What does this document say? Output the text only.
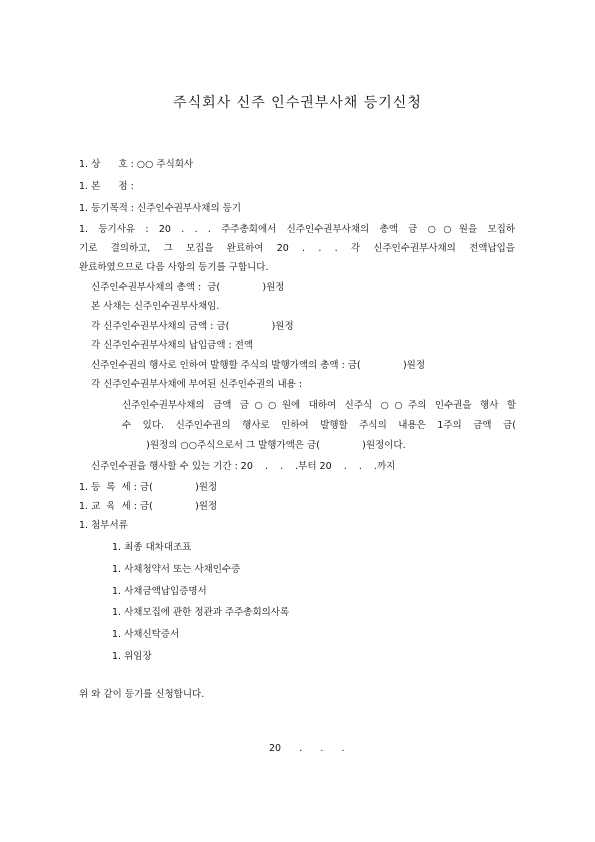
주식회사 신주 인수권부사채 등기신청
1. 상      호 : ○○ 주식회사
1. 본      점 :
1. 등기목적 : 신주인수권부사채의 등기
1. 등기사유 : 20 . . . 주주총회에서 신주인수권부사채의 총액 금 ○○원을 모집하
기로 결의하고, 그 모집을 완료하여 20 . . . 각 신주인수권부사채의 전액납입을
완료하였으므로 다음 사항의 등기를 구합니다.
신주인수권부사채의 총액 :  금(              )원정
본 사채는 신주인수권부사채임.
각 신주인수권부사채의 금액 : 금(              )원정
각 신주인수권부사채의 납입금액 : 전액
신주인수권의 행사로 인하여 발행할 주식의 발행가액의 총액 : 금(              )원정
각 신주인수권부사채에 부여된 신주인수권의 내용 :
신주인수권부사채의 금액 금○○원에 대하여 신주식 ○○주의 인수권을 행사 할
수 있다. 신주인수권의 행사로 인하여 발행할 주식의 내용은 1주의 금액 금(
)원정의 ○○주식으로서 그 발행가액은 금(              )원정이다.
신주인수권을 행사할 수 있는 기간 : 20    .    .    .부터 20    .    .    .까지
1. 등  록  세 : 금(              )원정
1. 교  육  세 : 금(              )원정
1. 첨부서류
1. 최종 대차대조표
1. 사채청약서 또는 사채인수증
1. 사채금액납입증명서
1. 사채모집에 관한 정관과 주주총회의사록
1. 사채신탁증서
1. 위임장
위 와 같이 등기를 신청합니다.
20      .      .      .
